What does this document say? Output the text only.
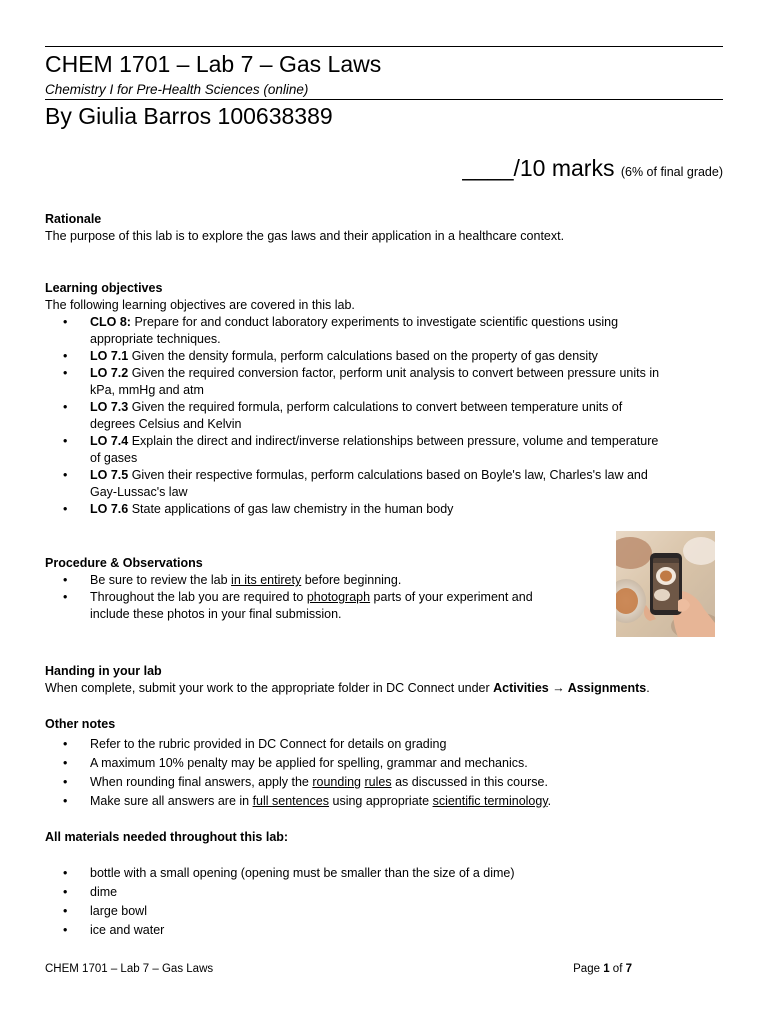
CHEM 1701 – Lab 7 – Gas Laws
Chemistry I for Pre-Health Sciences (online)
By Giulia Barros 100638389
____/10 marks (6% of final grade)
Rationale
The purpose of this lab is to explore the gas laws and their application in a healthcare context.
Learning objectives
The following learning objectives are covered in this lab.
• CLO 8: Prepare for and conduct laboratory experiments to investigate scientific questions using
appropriate techniques.
• LO 7.1 Given the density formula, perform calculations based on the property of gas density
• LO 7.2 Given the required conversion factor, perform unit analysis to convert between pressure units in
kPa, mmHg and atm
• LO 7.3 Given the required formula, perform calculations to convert between temperature units of
degrees Celsius and Kelvin
• LO 7.4 Explain the direct and indirect/inverse relationships between pressure, volume and temperature
of gases
• LO 7.5 Given their respective formulas, perform calculations based on Boyle's law, Charles's law and
Gay-Lussac's law
• LO 7.6 State applications of gas law chemistry in the human body
Procedure & Observations
• Be sure to review the lab in its entirety before beginning.
• Throughout the lab you are required to photograph parts of your experiment and
include these photos in your final submission.
Handing in your lab
When complete, submit your work to the appropriate folder in DC Connect under Activities → Assignments.
Other notes
• Refer to the rubric provided in DC Connect for details on grading
• A maximum 10% penalty may be applied for spelling, grammar and mechanics.
• When rounding final answers, apply the rounding rules as discussed in this course.
• Make sure all answers are in full sentences using appropriate scientific terminology.
All materials needed throughout this lab:
• bottle with a small opening (opening must be smaller than the size of a dime)
• dime
• large bowl
• ice and water
CHEM 1701 – Lab 7 – Gas Laws	Page 1 of 7
